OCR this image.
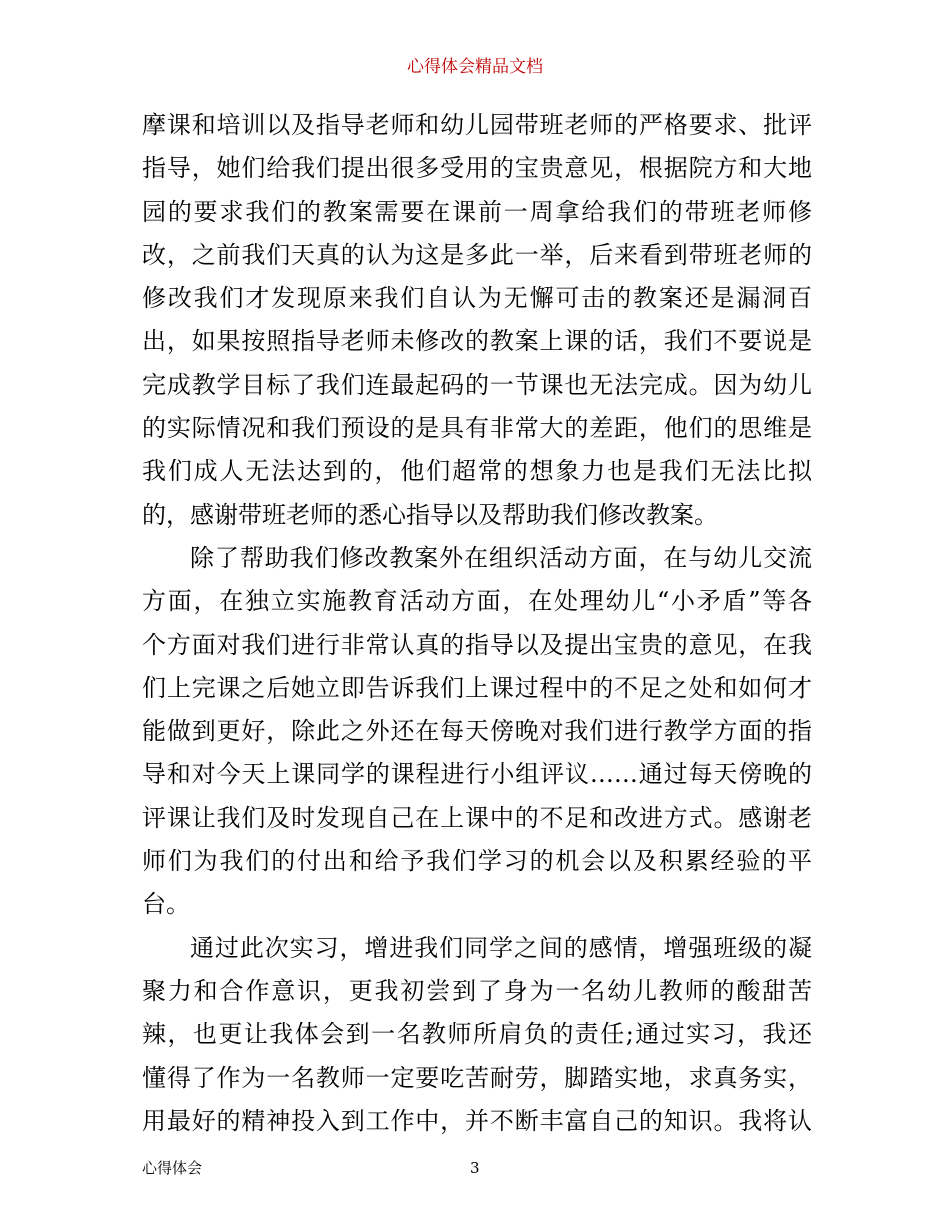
心得体会精品文档
摩课和培训以及指导老师和幼儿园带班老师的严格要求、批评
指导，她们给我们提出很多受用的宝贵意见，根据院方和大地
园的要求我们的教案需要在课前一周拿给我们的带班老师修
改，之前我们天真的认为这是多此一举，后来看到带班老师的
修改我们才发现原来我们自认为无懈可击的教案还是漏洞百
出，如果按照指导老师未修改的教案上课的话，我们不要说是
完成教学目标了我们连最起码的一节课也无法完成。因为幼儿
的实际情况和我们预设的是具有非常大的差距，他们的思维是
我们成人无法达到的，他们超常的想象力也是我们无法比拟
的，感谢带班老师的悉心指导以及帮助我们修改教案。
除了帮助我们修改教案外在组织活动方面，在与幼儿交流
方面，在独立实施教育活动方面，在处理幼儿“小矛盾”等各
个方面对我们进行非常认真的指导以及提出宝贵的意见，在我
们上完课之后她立即告诉我们上课过程中的不足之处和如何才
能做到更好，除此之外还在每天傍晚对我们进行教学方面的指
导和对今天上课同学的课程进行小组评议……通过每天傍晚的
评课让我们及时发现自己在上课中的不足和改进方式。感谢老
师们为我们的付出和给予我们学习的机会以及积累经验的平
台。
通过此次实习，增进我们同学之间的感情，增强班级的凝
聚力和合作意识，更我初尝到了身为一名幼儿教师的酸甜苦
辣，也更让我体会到一名教师所肩负的责任;通过实习，我还
懂得了作为一名教师一定要吃苦耐劳，脚踏实地，求真务实，
用最好的精神投入到工作中，并不断丰富自己的知识。我将认
心得体会	3
